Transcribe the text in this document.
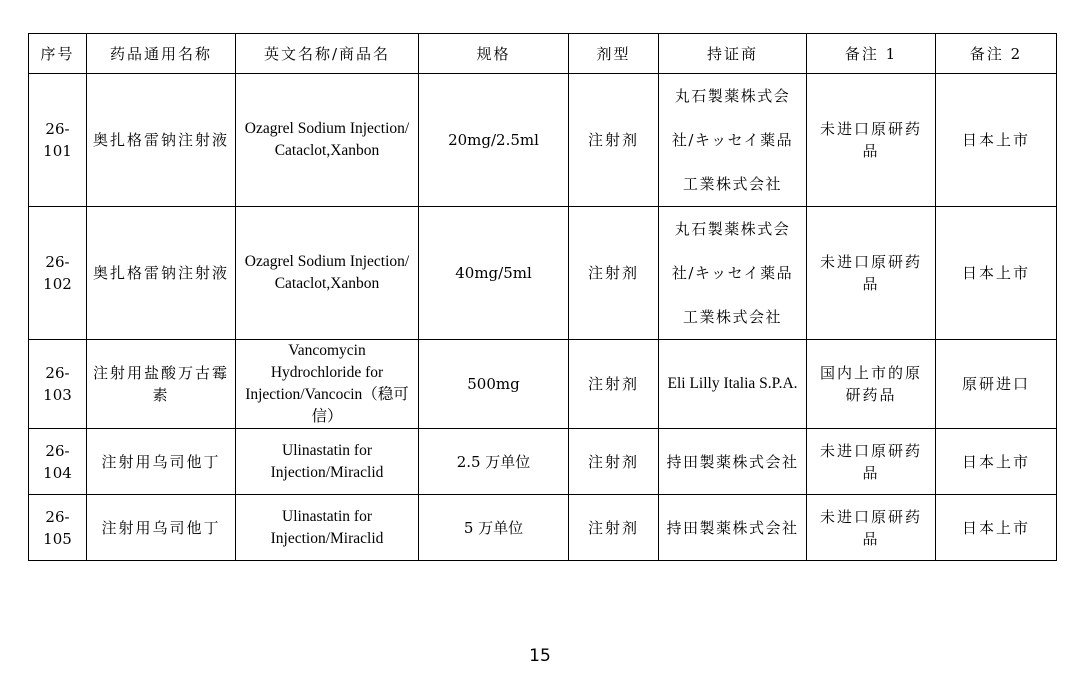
序号	药品通用名称	英文名称/商品名	规格	剂型	持证商	备注 1	备注 2
26-101	奥扎格雷钠注射液	Ozagrel Sodium Injection/Cataclot,Xanbon	20mg/2.5ml	注射剂	丸石製薬株式会社/キッセイ薬品工業株式会社	未进口原研药品	日本上市
26-102	奥扎格雷钠注射液	Ozagrel Sodium Injection/Cataclot,Xanbon	40mg/5ml	注射剂	丸石製薬株式会社/キッセイ薬品工業株式会社	未进口原研药品	日本上市
26-103	注射用盐酸万古霉素	Vancomycin Hydrochloride for Injection/Vancocin（稳可信）	500mg	注射剂	Eli Lilly Italia S.P.A.	国内上市的原研药品	原研进口
26-104	注射用乌司他丁	Ulinastatin for Injection/Miraclid	2.5 万单位	注射剂	持田製薬株式会社	未进口原研药品	日本上市
26-105	注射用乌司他丁	Ulinastatin for Injection/Miraclid	5 万单位	注射剂	持田製薬株式会社	未进口原研药品	日本上市
15
